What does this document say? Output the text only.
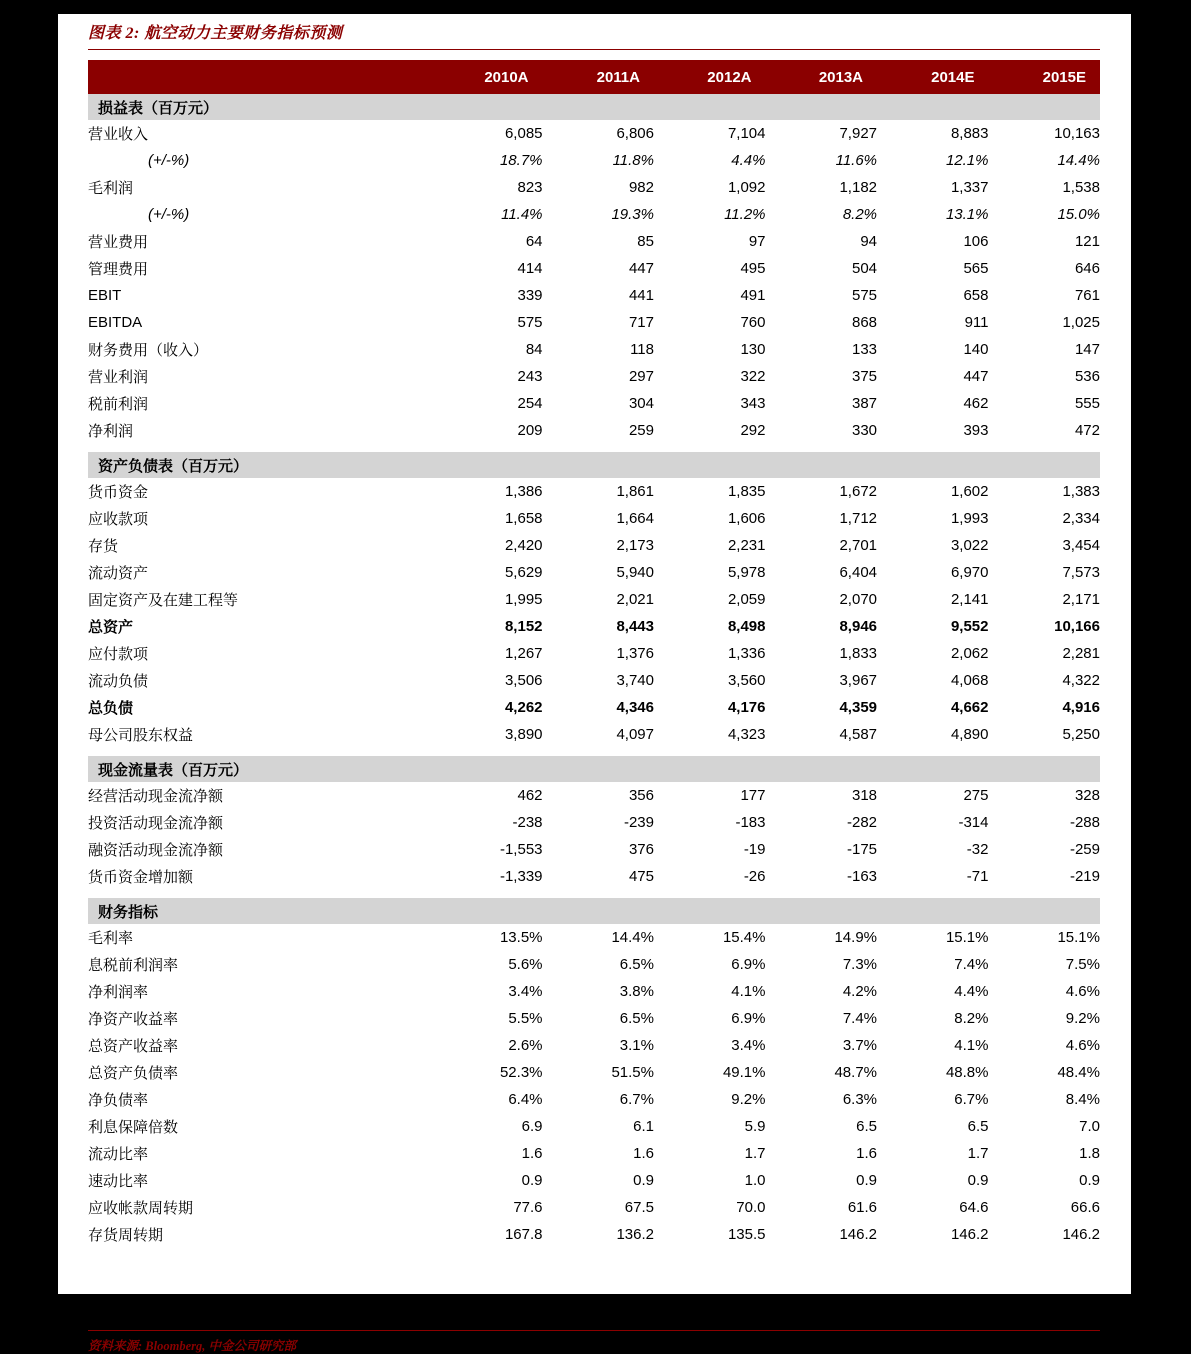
图表 2: 航空动力主要财务指标预测
	2010A	2011A	2012A	2013A	2014E	2015E
损益表（百万元）						
营业收入	6,085	6,806	7,104	7,927	8,883	10,163
(+/-%)	18.7%	11.8%	4.4%	11.6%	12.1%	14.4%
毛利润	823	982	1,092	1,182	1,337	1,538
(+/-%)	11.4%	19.3%	11.2%	8.2%	13.1%	15.0%
营业费用	64	85	97	94	106	121
管理费用	414	447	495	504	565	646
EBIT	339	441	491	575	658	761
EBITDA	575	717	760	868	911	1,025
财务费用（收入）	84	118	130	133	140	147
营业利润	243	297	322	375	447	536
税前利润	254	304	343	387	462	555
净利润	209	259	292	330	393	472

资产负债表（百万元）						
货币资金	1,386	1,861	1,835	1,672	1,602	1,383
应收款项	1,658	1,664	1,606	1,712	1,993	2,334
存货	2,420	2,173	2,231	2,701	3,022	3,454
流动资产	5,629	5,940	5,978	6,404	6,970	7,573
固定资产及在建工程等	1,995	2,021	2,059	2,070	2,141	2,171
总资产	8,152	8,443	8,498	8,946	9,552	10,166
应付款项	1,267	1,376	1,336	1,833	2,062	2,281
流动负债	3,506	3,740	3,560	3,967	4,068	4,322
总负债	4,262	4,346	4,176	4,359	4,662	4,916
母公司股东权益	3,890	4,097	4,323	4,587	4,890	5,250

现金流量表（百万元）						
经营活动现金流净额	462	356	177	318	275	328
投资活动现金流净额	-238	-239	-183	-282	-314	-288
融资活动现金流净额	-1,553	376	-19	-175	-32	-259
货币资金增加额	-1,339	475	-26	-163	-71	-219

财务指标						
毛利率	13.5%	14.4%	15.4%	14.9%	15.1%	15.1%
息税前利润率	5.6%	6.5%	6.9%	7.3%	7.4%	7.5%
净利润率	3.4%	3.8%	4.1%	4.2%	4.4%	4.6%
净资产收益率	5.5%	6.5%	6.9%	7.4%	8.2%	9.2%
总资产收益率	2.6%	3.1%	3.4%	3.7%	4.1%	4.6%
总资产负债率	52.3%	51.5%	49.1%	48.7%	48.8%	48.4%
净负债率	6.4%	6.7%	9.2%	6.3%	6.7%	8.4%
利息保障倍数	6.9	6.1	5.9	6.5	6.5	7.0
流动比率	1.6	1.6	1.7	1.6	1.7	1.8
速动比率	0.9	0.9	1.0	0.9	0.9	0.9
应收帐款周转期	77.6	67.5	70.0	61.6	64.6	66.6
存货周转期	167.8	136.2	135.5	146.2	146.2	146.2
资料来源: Bloomberg, 中金公司研究部
